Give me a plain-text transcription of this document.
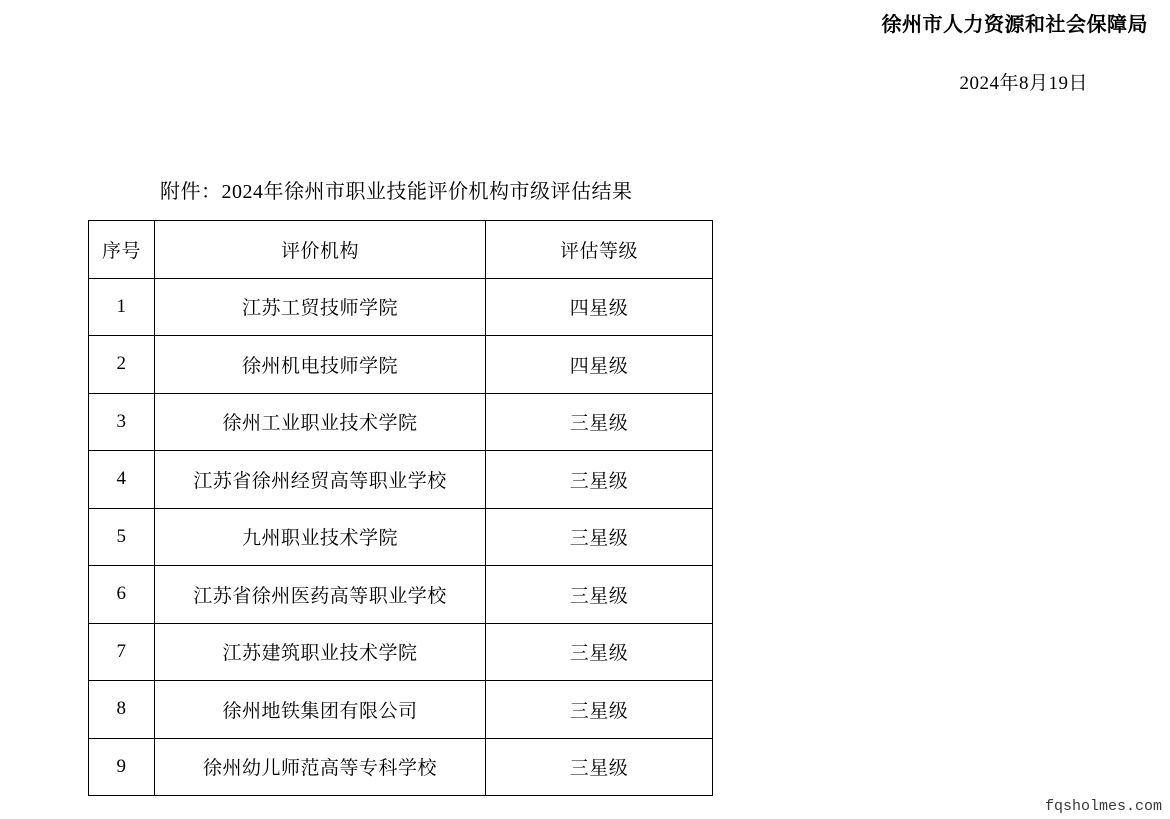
徐州市人力资源和社会保障局
2024年8月19日
附件：2024年徐州市职业技能评价机构市级评估结果
序号	评价机构	评估等级
1	江苏工贸技师学院	四星级
2	徐州机电技师学院	四星级
3	徐州工业职业技术学院	三星级
4	江苏省徐州经贸高等职业学校	三星级
5	九州职业技术学院	三星级
6	江苏省徐州医药高等职业学校	三星级
7	江苏建筑职业技术学院	三星级
8	徐州地铁集团有限公司	三星级
9	徐州幼儿师范高等专科学校	三星级
fqsholmes.com
